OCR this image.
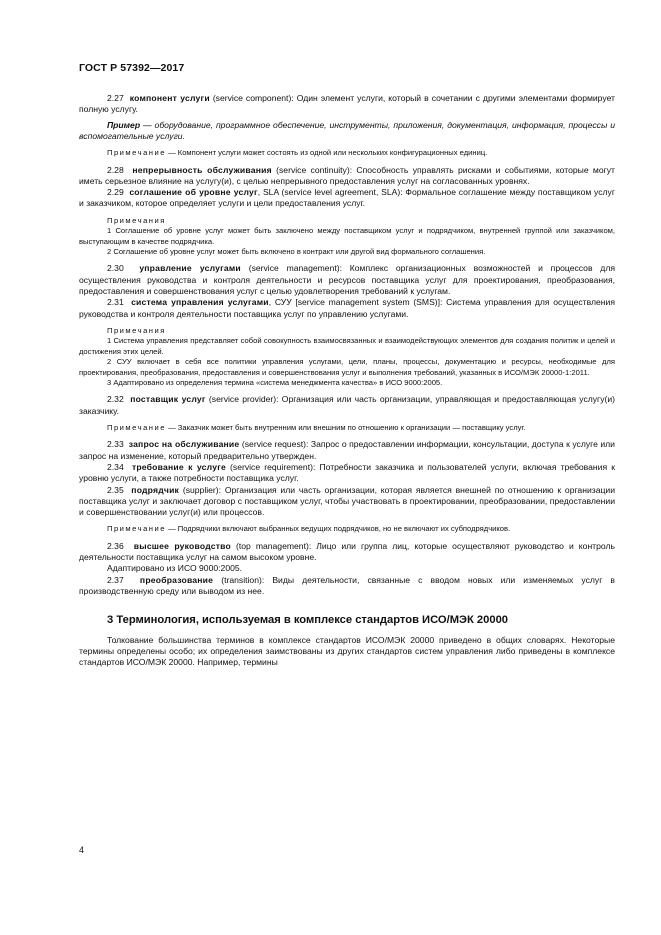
ГОСТ Р 57392—2017

2.27 компонент услуги (service component): Один элемент услуги, который в сочетании с другими элементами формирует полную услугу.

Пример — оборудование, программное обеспечение, инструменты, приложения, документация, информация, процессы и вспомогательные услуги.

Примечание — Компонент услуги может состоять из одной или нескольких конфигурационных единиц.

2.28 непрерывность обслуживания (service continuity): Способность управлять рисками и событиями, которые могут иметь серьезное влияние на услугу(и), с целью непрерывного предоставления услуг на согласованных уровнях.

2.29 соглашение об уровне услуг, SLA (service level agreement, SLA): Формальное соглашение между поставщиком услуг и заказчиком, которое определяет услуги и цели предоставления услуг.

Примечания

1 Соглашение об уровне услуг может быть заключено между поставщиком услуг и подрядчиком, внутренней группой или заказчиком, выступающим в качестве подрядчика.

2 Соглашение об уровне услуг может быть включено в контракт или другой вид формального соглашения.

2.30 управление услугами (service management): Комплекс организационных возможностей и процессов для осуществления руководства и контроля деятельности и ресурсов поставщика услуг для проектирования, преобразования, предоставления и совершенствования услуг с целью удовлетворения требований к услугам.

2.31 система управления услугами, СУУ [service management system (SMS)]: Система управления для осуществления руководства и контроля деятельности поставщика услуг по управлению услугами.

Примечания

1 Система управления представляет собой совокупность взаимосвязанных и взаимодействующих элементов для создания политик и целей и достижения этих целей.

2 СУУ включает в себя все политики управления услугами, цели, планы, процессы, документацию и ресурсы, необходимые для проектирования, преобразования, предоставления и совершенствования услуг и выполнения требований, указанных в ИСО/МЭК 20000-1:2011.

3 Адаптировано из определения термина «система менеджмента качества» в ИСО 9000:2005.

2.32 поставщик услуг (service provider): Организация или часть организации, управляющая и предоставляющая услугу(и) заказчику.

Примечание — Заказчик может быть внутренним или внешним по отношению к организации — поставщику услуг.

2.33 запрос на обслуживание (service request): Запрос о предоставлении информации, консультации, доступа к услуге или запрос на изменение, который предварительно утвержден.

2.34 требование к услуге (service requirement): Потребности заказчика и пользователей услуги, включая требования к уровню услуги, а также потребности поставщика услуг.

2.35 подрядчик (supplier): Организация или часть организации, которая является внешней по отношению к организации поставщика услуг и заключает договор с поставщиком услуг, чтобы участвовать в проектировании, преобразовании, предоставлении и совершенствовании услуг(и) или процессов.

Примечание — Подрядчики включают выбранных ведущих подрядчиков, но не включают их субподрядчиков.

2.36 высшее руководство (top management): Лицо или группа лиц, которые осуществляют руководство и контроль деятельности поставщика услуг на самом высоком уровне.

Адаптировано из ИСО 9000:2005.

2.37 преобразование (transition): Виды деятельности, связанные с вводом новых или изменяемых услуг в производственную среду или выводом из нее.

3 Терминология, используемая в комплексе стандартов ИСО/МЭК 20000

Толкование большинства терминов в комплексе стандартов ИСО/МЭК 20000 приведено в общих словарях. Некоторые термины определены особо; их определения заимствованы из других стандартов систем управления либо приведены в комплексе стандартов ИСО/МЭК 20000. Например, термины

4
